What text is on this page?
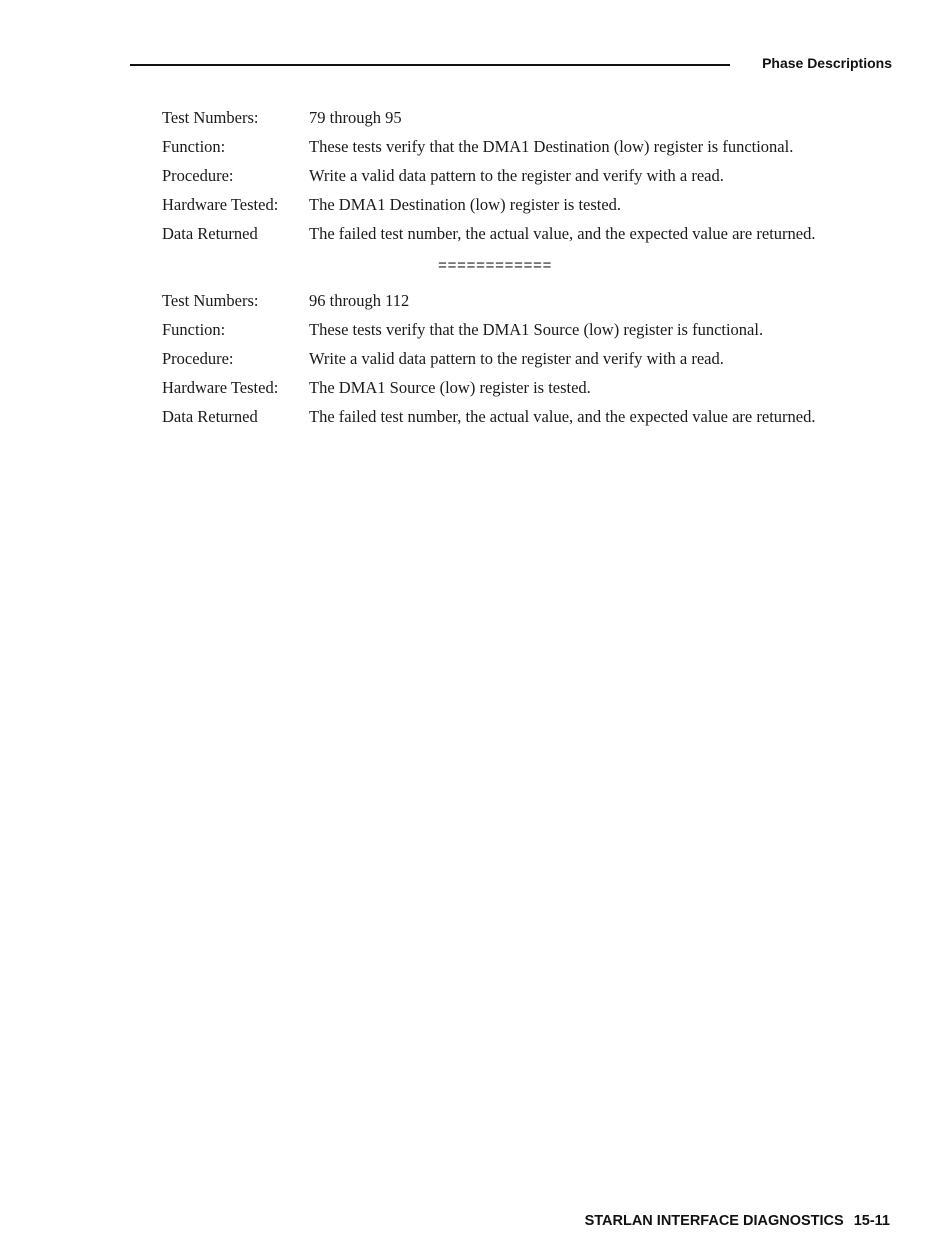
Phase Descriptions
Test Numbers:	79 through 95
Function:	These tests verify that the DMA1 Destination (low) register is functional.
Procedure:	Write a valid data pattern to the register and verify with a read.
Hardware Tested: The DMA1 Destination (low) register is tested.
Data Returned	The failed test number, the actual value, and the expected value are returned.
============
Test Numbers:	96 through 112
Function:	These tests verify that the DMA1 Source (low) register is functional.
Procedure:	Write a valid data pattern to the register and verify with a read.
Hardware Tested: The DMA1 Source (low) register is tested.
Data Returned	The failed test number, the actual value, and the expected value are returned.
STARLAN INTERFACE DIAGNOSTICS 15-11
